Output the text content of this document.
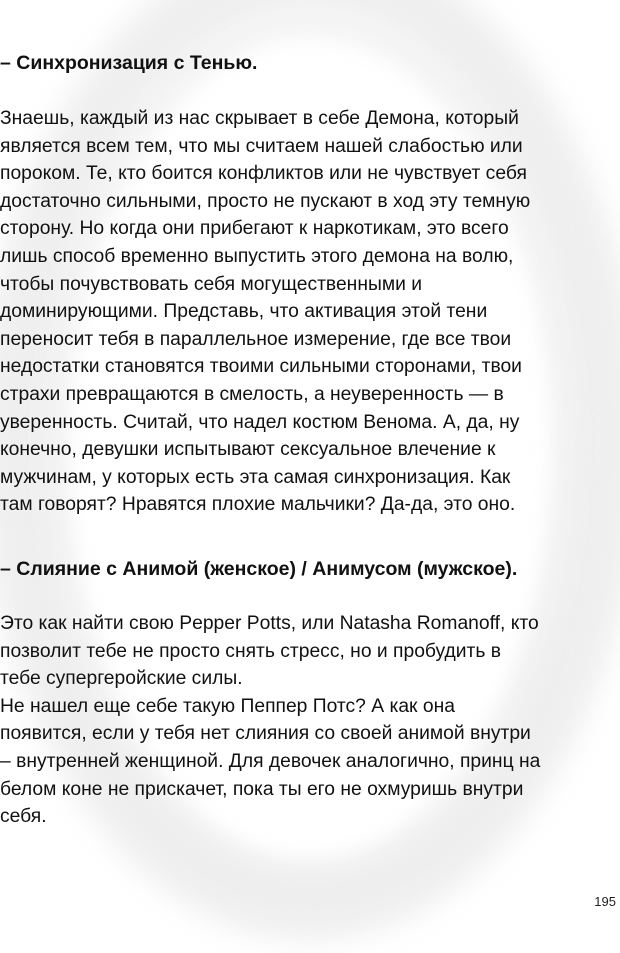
– Синхронизация с Тенью.

Знаешь, каждый из нас скрывает в себе Демона, который
является всем тем, что мы считаем нашей слабостью или
пороком. Те, кто боится конфликтов или не чувствует себя
достаточно сильными, просто не пускают в ход эту темную
сторону. Но когда они прибегают к наркотикам, это всего
лишь способ временно выпустить этого демона на волю,
чтобы почувствовать себя могущественными и
доминирующими. Представь, что активация этой тени
переносит тебя в параллельное измерение, где все твои
недостатки становятся твоими сильными сторонами, твои
страхи превращаются в смелость, а неуверенность — в
уверенность. Считай, что надел костюм Венома. А, да, ну
конечно, девушки испытывают сексуальное влечение к
мужчинам, у которых есть эта самая синхронизация. Как
там говорят? Нравятся плохие мальчики? Да-да, это оно.

– Слияние с Анимой (женское) / Анимусом (мужское).

Это как найти свою Pepper Potts, или Natasha Romanoff, кто
позволит тебе не просто снять стресс, но и пробудить в
тебе супергеройские силы.
Не нашел еще себе такую Пеппер Потс? А как она
появится, если у тебя нет слияния со своей анимой внутри
– внутренней женщиной. Для девочек аналогично, принц на
белом коне не прискачет, пока ты его не охмуришь внутри
себя.

195
